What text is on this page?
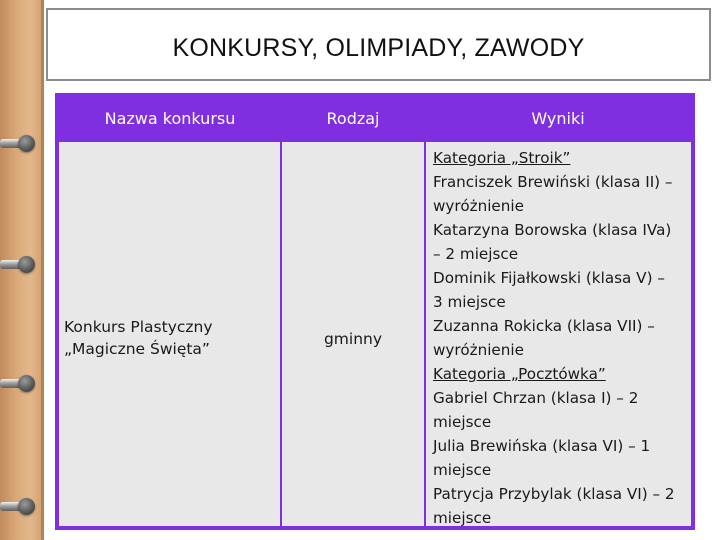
KONKURSY, OLIMPIADY, ZAWODY
Nazwa konkursu	Rodzaj	Wyniki
Konkurs Plastyczny
„Magiczne Święta”
gminny
Kategoria „Stroik”
Franciszek Brewiński (klasa II) –
wyróżnienie
Katarzyna Borowska (klasa IVa)
– 2 miejsce
Dominik Fijałkowski (klasa V) –
3 miejsce
Zuzanna Rokicka (klasa VII) –
wyróżnienie
Kategoria „Pocztówka”
Gabriel Chrzan (klasa I) – 2
miejsce
Julia Brewińska (klasa VI) – 1
miejsce
Patrycja Przybylak (klasa VI) – 2
miejsce
